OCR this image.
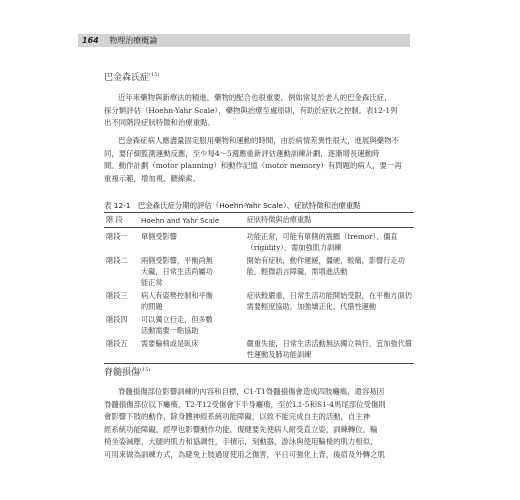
164 物理治療概論
巴金森氏症$^{(15)}$
近年來藥物與新療法的精進，藥物的配合也很重要，例如常見於老人的巴金森氏症，
採分類評估（Hoehn-Yahr Scale），藥物與治療至處原則，有助於症狀之控制。表12-1列
出不同階段症狀特徵和治療重點。
巴金森症病人應盡量固定服用藥物和運動的時間，由於病情差異性很大，進展與藥物不
同，要仔細監測運動反應，至少每4～5週應重新評估運動訓練計劃，逐漸增長運動時
間。動作計劃（motor planning）和動作記憶（motor memory）有問題的病人，要一再
重複示範，增加視、聽線索。
表 12-1　巴金森氏症分期的評估（Hoehn-Yahr Scale）、症狀特徵和治療重點
階 段	Hoehn and Yahr Scale	症狀特徵與治療重點
階段一	單側受影響	功能正常，可能有單側的震顫（tremor）、僵直
（rigidity），需加強肌力訓練

階段二	兩側受影響，平衡尚無
大礙，日常生活尚屬功
能正常	開始有症狀，動作遲緩，僵硬，較痛，影響行走功
能，輕微語言障礙，需增進活動

階段三	病人有姿勢控制和平衡
的問題	症狀較嚴重，日常生活功能開始受限，在平衡方面仍
需要輕度協助，加強矯正化、代償性運動

階段四	可以獨立行走，但多數
活動需要一點協助	

階段五	需要輪椅或是臥床	嚴重失能，日常生活活動無法獨立執行，宜加強代償
性運動及肺功能訓練
脊髓損傷$^{(15)}$
脊髓損傷部位影響訓練的內容和目標，C1-T1脊髓損傷會造成四肢癱瘓，還容易因
脊髓損傷部位以下癱瘓，T2-T12受傷會下半身癱瘓，至於L1-5和S1-4馬尾部位受傷則
會影響下肢的動作，除身體神經系統功能障礙，以致不能完成自主的活動，自主神
經系統功能障礙，經學也影響動作功能，復健要先使病人耐受直立姿，訓練轉位，輪
椅坐姿減壓，大腿的肌力和協調性，手積示，刻動器，游泳與使用輪椅的肌力相似，
可用來做為訓練方式，為避免上肢過度使用之傷害，平日可強化上背，後肩及外轉之肌
